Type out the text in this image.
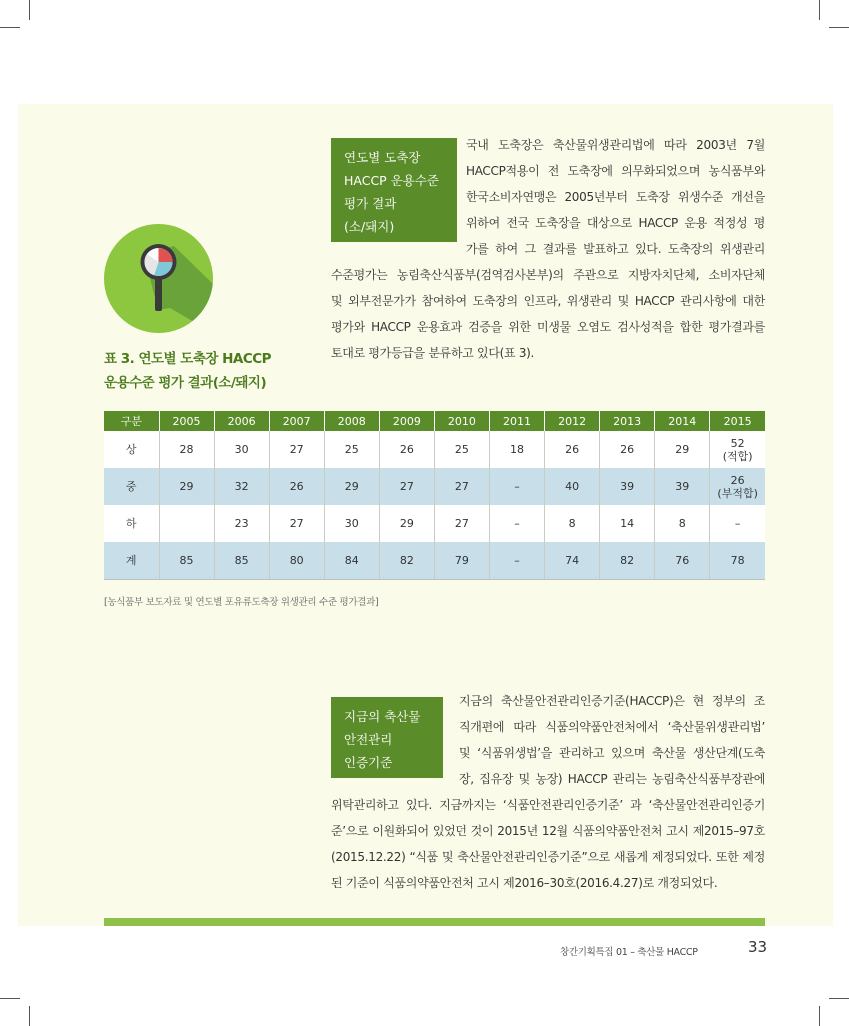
연도별 도축장
HACCP 운용수준
평가 결과
(소/돼지)

국내 도축장은 축산물위생관리법에 따라 2003년 7월

HACCP적용이 전 도축장에 의무화되었으며 농식품부와

한국소비자연맹은 2005년부터 도축장 위생수준 개선을

위하여 전국 도축장을 대상으로 HACCP 운용 적정성 평

가를 하여 그 결과를 발표하고 있다. 도축장의 위생관리

수준평가는 농림축산식품부(검역검사본부)의 주관으로 지방자치단체, 소비자단체

및 외부전문가가 참여하여 도축장의 인프라, 위생관리 및 HACCP 관리사항에 대한

평가와 HACCP 운용효과 검증을 위한 미생물 오염도 검사성적을 합한 평가결과를

토대로 평가등급을 분류하고 있다(표 3).

표 3. 연도별 도축장 HACCP
운용수준 평가 결과(소/돼지)
구분	2005	2006	2007	2008	2009	2010	2011	2012	2013	2014	2015
상	28	30	27	25	26	25	18	26	26	29	52
(적합)
중	29	32	26	29	27	27	–	40	39	39	26
(부적합)
하		23	27	30	29	27	–	8	14	8	–
계	85	85	80	84	82	79	–	74	82	76	78
[농식품부 보도자료 및 연도별 포유류도축장 위생관리 수준 평가결과]
지금의 축산물
안전관리
인증기준

지금의 축산물안전관리인증기준(HACCP)은 현 정부의 조

직개편에 따라 식품의약품안전처에서 ‘축산물위생관리법’

및 ‘식품위생법’을 관리하고 있으며 축산물 생산단계(도축

장, 집유장 및 농장) HACCP 관리는 농림축산식품부장관에

위탁관리하고 있다. 지금까지는 ‘식품안전관리인증기준’ 과 ‘축산물안전관리인증기

준’으로 이원화되어 있었던 것이 2015년 12월 식품의약품안전처 고시 제2015–97호

(2015.12.22) “식품 및 축산물안전관리인증기준”으로 새롭게 제정되었다. 또한 제정

된 기준이 식품의약품안전처 고시 제2016–30호(2016.4.27)로 개정되었다.

창간기획특집 01 – 축산물 HACCP	33
